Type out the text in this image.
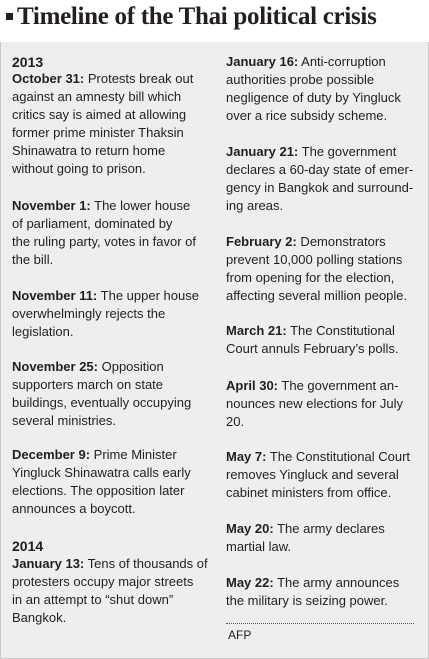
Timeline of the Thai political crisis
2013
October 31: Protests break out
against an amnesty bill which
critics say is aimed at allowing
former prime minister Thaksin
Shinawatra to return home
without going to prison.
November 1: The lower house
of parliament, dominated by
the ruling party, votes in favor of
the bill.
November 11: The upper house
overwhelmingly rejects the
legislation.
November 25: Opposition
supporters march on state
buildings, eventually occupying
several ministries.
December 9: Prime Minister
Yingluck Shinawatra calls early
elections. The opposition later
announces a boycott.
2014
January 13: Tens of thousands of
protesters occupy major streets
in an attempt to “shut down”
Bangkok.
January 16: Anti-corruption
authorities probe possible
negligence of duty by Yingluck
over a rice subsidy scheme.
January 21: The government
declares a 60-day state of emer-
gency in Bangkok and surround-
ing areas.
February 2: Demonstrators
prevent 10,000 polling stations
from opening for the election,
affecting several million people.
March 21: The Constitutional
Court annuls February’s polls.
April 30: The government an-
nounces new elections for July
20.
May 7: The Constitutional Court
removes Yingluck and several
cabinet ministers from office.
May 20: The army declares
martial law.
May 22: The army announces
the military is seizing power.
AFP
